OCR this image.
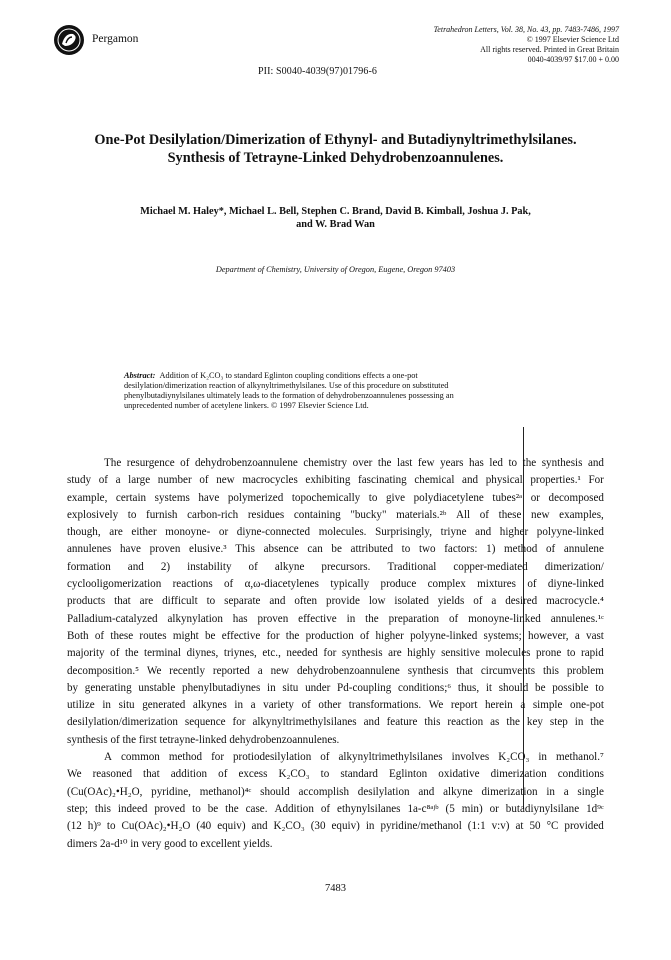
Pergamon
Tetrahedron Letters, Vol. 38, No. 43, pp. 7483-7486, 1997
© 1997 Elsevier Science Ltd
All rights reserved. Printed in Great Britain
0040-4039/97 $17.00 + 0.00
PII: S0040-4039(97)01796-6
One-Pot Desilylation/Dimerization of Ethynyl- and Butadiynyltrimethylsilanes.
Synthesis of Tetrayne-Linked Dehydrobenzoannulenes.
Michael M. Haley*, Michael L. Bell, Stephen C. Brand, David B. Kimball, Joshua J. Pak,
and W. Brad Wan
Department of Chemistry, University of Oregon, Eugene, Oregon 97403
Abstract: Addition of K₂CO₃ to standard Eglinton coupling conditions effects a one-pot
desilylation/dimerization reaction of alkynyltrimethylsilanes. Use of this procedure on substituted
phenylbutadiynylsilanes ultimately leads to the formation of dehydrobenzoannulenes possessing an
unprecedented number of acetylene linkers. © 1997 Elsevier Science Ltd.
The resurgence of dehydrobenzoannulene chemistry over the last few years has led to the synthesis and
study of a large number of new macrocycles exhibiting fascinating chemical and physical properties.¹ For
example, certain systems have polymerized topochemically to give polydiacetylene tubes²ᵃ or decomposed
explosively to furnish carbon-rich residues containing "bucky" materials.²ᵇ All of these new examples,
though, are either monoyne- or diyne-connected molecules. Surprisingly, triyne and higher polyyne-linked
annulenes have proven elusive.³ This absence can be attributed to two factors: 1) method of annulene
formation and 2) instability of alkyne precursors. Traditional copper-mediated dimerization/
cyclooligomerization reactions of α,ω-diacetylenes typically produce complex mixtures of diyne-linked
products that are difficult to separate and often provide low isolated yields of a desired macrocycle.⁴
Palladium-catalyzed alkynylation has proven effective in the preparation of monoyne-linked annulenes.¹ᶜ
Both of these routes might be effective for the production of higher polyyne-linked systems; however, a vast
majority of the terminal diynes, triynes, etc., needed for synthesis are highly sensitive molecules prone to rapid
decomposition.⁵ We recently reported a new dehydrobenzoannulene synthesis that circumvents this problem
by generating unstable phenylbutadiynes in situ under Pd-coupling conditions;⁶ thus, it should be possible to
utilize in situ generated alkynes in a variety of other transformations. We report herein a simple one-pot
desilylation/dimerization sequence for alkynyltrimethylsilanes and feature this reaction as the key step in the
synthesis of the first tetrayne-linked dehydrobenzoannulenes.
A common method for protiodesilylation of alkynyltrimethylsilanes involves K₂CO₃ in methanol.⁷
We reasoned that addition of excess K₂CO₃ to standard Eglinton oxidative dimerization conditions
(Cu(OAc)₂•H₂O, pyridine, methanol)⁴ᶜ should accomplish desilylation and alkyne dimerization in a single
step; this indeed proved to be the case. Addition of ethynylsilanes 1a-c⁸ᵃʲᵇ (5 min) or butadiynylsilane 1d⁹ᶜ
(12 h)⁹ to Cu(OAc)₂•H₂O (40 equiv) and K₂CO₃ (30 equiv) in pyridine/methanol (1:1 v:v) at 50 °C provided
dimers 2a-d¹⁰ in very good to excellent yields.
7483
